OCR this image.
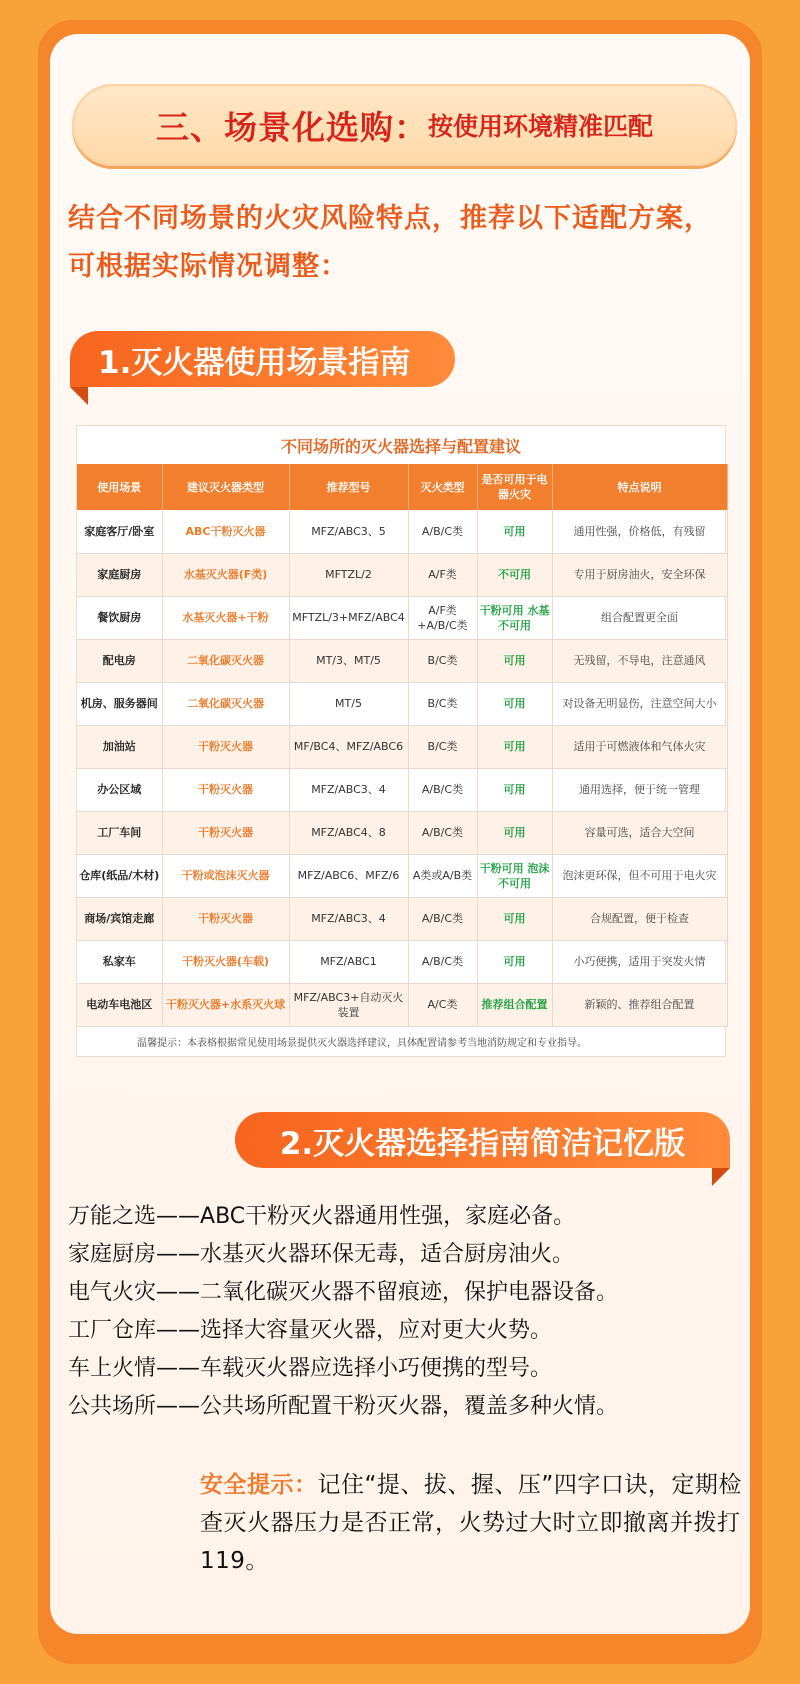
三、场景化选购： 按使用环境精准匹配
结合不同场景的火灾风险特点，推荐以下适配方案，可根据实际情况调整：
1.灭火器使用场景指南
不同场所的灭火器选择与配置建议
使用场景	建议灭火器类型	推荐型号	灭火类型	是否可用于电器火灾	特点说明
家庭客厅/卧室	ABC干粉灭火器	MFZ/ABC3、5	A/B/C类	可用	通用性强，价格低，有残留
家庭厨房	水基灭火器(F类)	MFTZL/2	A/F类	不可用	专用于厨房油火，安全环保
餐饮厨房	水基灭火器+干粉	MFTZL/3+MFZ/ABC4	A/F类+A/B/C类	干粉可用 水基不可用	组合配置更全面
配电房	二氧化碳灭火器	MT/3、MT/5	B/C类	可用	无残留，不导电，注意通风
机房、服务器间	二氧化碳灭火器	MT/5	B/C类	可用	对设备无明显伤，注意空间大小
加油站	干粉灭火器	MF/BC4、MFZ/ABC6	B/C类	可用	适用于可燃液体和气体火灾
办公区域	干粉灭火器	MFZ/ABC3、4	A/B/C类	可用	通用选择，便于统一管理
工厂车间	干粉灭火器	MFZ/ABC4、8	A/B/C类	可用	容量可选，适合大空间
仓库(纸品/木材)	干粉或泡沫灭火器	MFZ/ABC6、MFZ/6	A类或A/B类	干粉可用 泡沫不可用	泡沫更环保，但不可用于电火灾
商场/宾馆走廊	干粉灭火器	MFZ/ABC3、4	A/B/C类	可用	合规配置，便于检查
私家车	干粉灭火器(车载)	MFZ/ABC1	A/B/C类	可用	小巧便携，适用于突发火情
电动车电池区	干粉灭火器+水系灭火球	MFZ/ABC3+自动灭火装置	A/C类	推荐组合配置	新颖的、推荐组合配置
温馨提示：本表格根据常见使用场景提供灭火器选择建议，具体配置请参考当地消防规定和专业指导。
2.灭火器选择指南简洁记忆版
万能之选——ABC干粉灭火器通用性强，家庭必备。
家庭厨房——水基灭火器环保无毒，适合厨房油火。
电气火灾——二氧化碳灭火器不留痕迹，保护电器设备。
工厂仓库——选择大容量灭火器，应对更大火势。
车上火情——车载灭火器应选择小巧便携的型号。
公共场所——公共场所配置干粉灭火器，覆盖多种火情。
安全提示：记住“提、拔、握、压”四字口诀，定期检查灭火器压力是否正常，火势过大时立即撤离并拨打119。
